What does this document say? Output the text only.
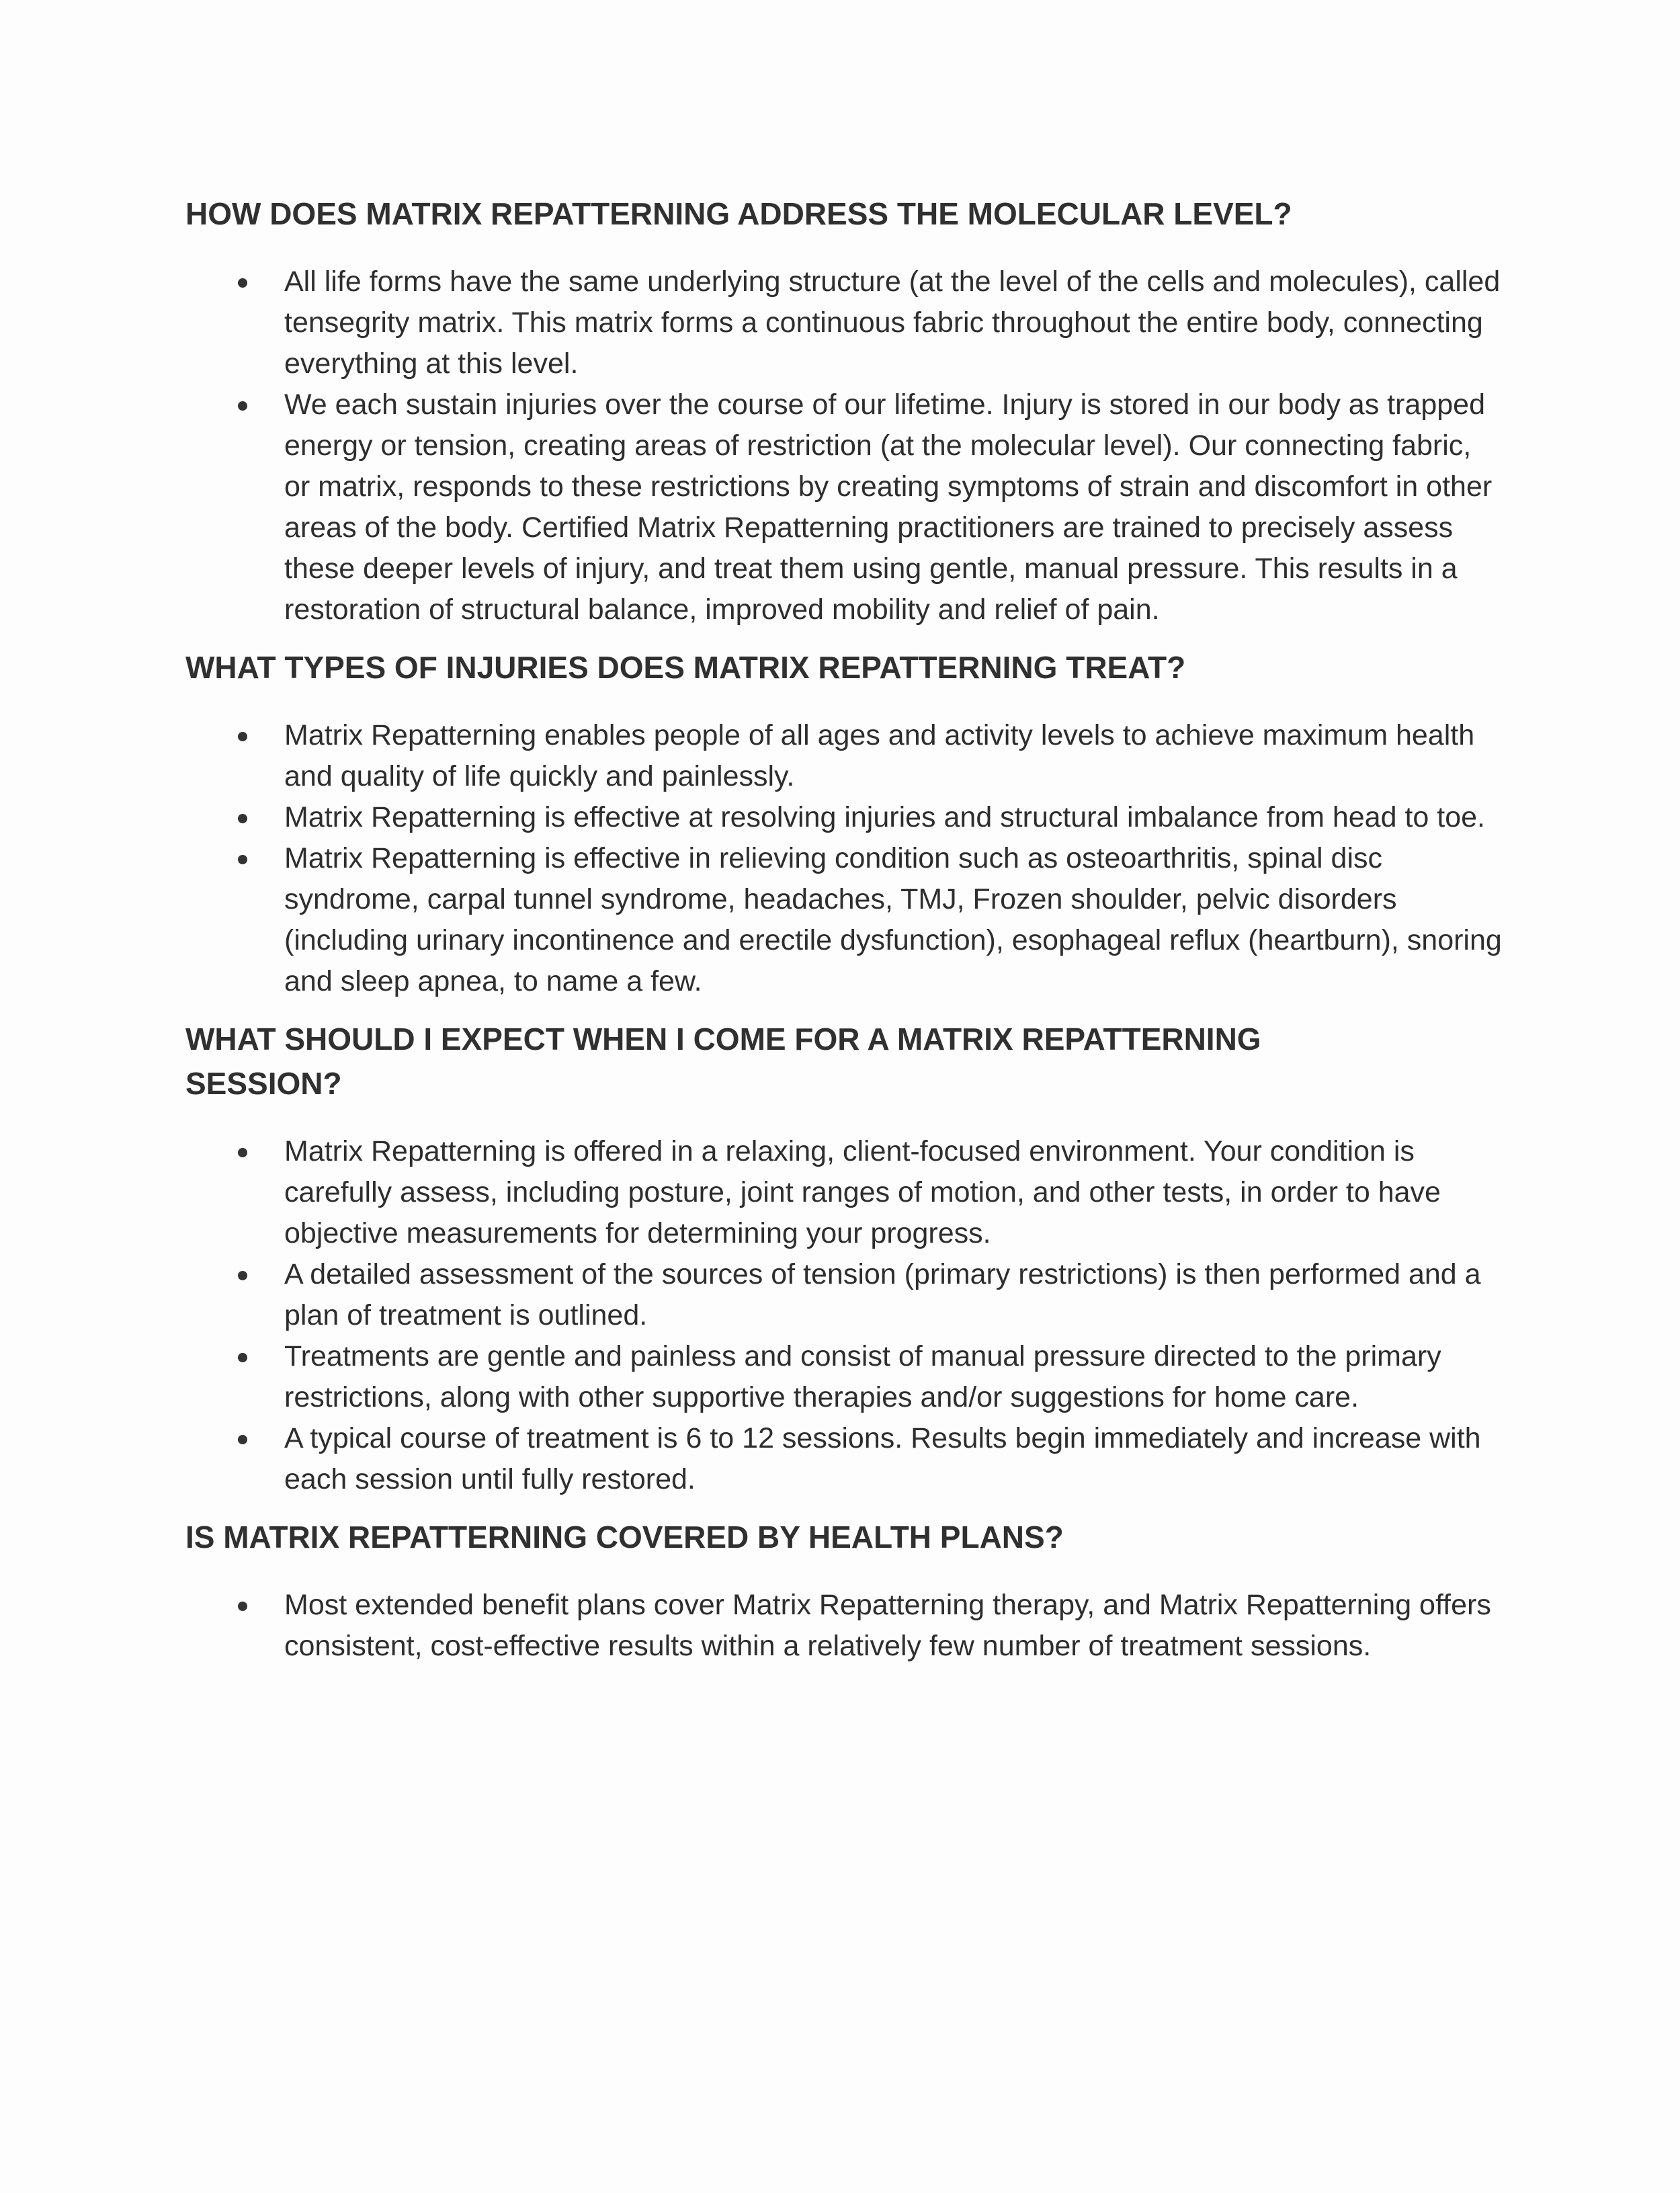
HOW DOES MATRIX REPATTERNING ADDRESS THE MOLECULAR LEVEL?
All life forms have the same underlying structure (at the level of the cells and molecules), called tensegrity matrix. This matrix forms a continuous fabric throughout the entire body, connecting everything at this level.
We each sustain injuries over the course of our lifetime. Injury is stored in our body as trapped energy or tension, creating areas of restriction (at the molecular level). Our connecting fabric, or matrix, responds to these restrictions by creating symptoms of strain and discomfort in other areas of the body. Certified Matrix Repatterning practitioners are trained to precisely assess these deeper levels of injury, and treat them using gentle, manual pressure. This results in a restoration of structural balance, improved mobility and relief of pain.
WHAT TYPES OF INJURIES DOES MATRIX REPATTERNING TREAT?
Matrix Repatterning enables people of all ages and activity levels to achieve maximum health and quality of life quickly and painlessly.
Matrix Repatterning is effective at resolving injuries and structural imbalance from head to toe.
Matrix Repatterning is effective in relieving condition such as osteoarthritis, spinal disc syndrome, carpal tunnel syndrome, headaches, TMJ, Frozen shoulder, pelvic disorders (including urinary incontinence and erectile dysfunction), esophageal reflux (heartburn), snoring and sleep apnea, to name a few.
WHAT SHOULD I EXPECT WHEN I COME FOR A MATRIX REPATTERNING SESSION?
Matrix Repatterning is offered in a relaxing, client-focused environment. Your condition is carefully assess, including posture, joint ranges of motion, and other tests, in order to have objective measurements for determining your progress.
A detailed assessment of the sources of tension (primary restrictions) is then performed and a plan of treatment is outlined.
Treatments are gentle and painless and consist of manual pressure directed to the primary restrictions, along with other supportive therapies and/or suggestions for home care.
A typical course of treatment is 6 to 12 sessions. Results begin immediately and increase with each session until fully restored.
IS MATRIX REPATTERNING COVERED BY HEALTH PLANS?
Most extended benefit plans cover Matrix Repatterning therapy, and Matrix Repatterning offers consistent, cost-effective results within a relatively few number of treatment sessions.
